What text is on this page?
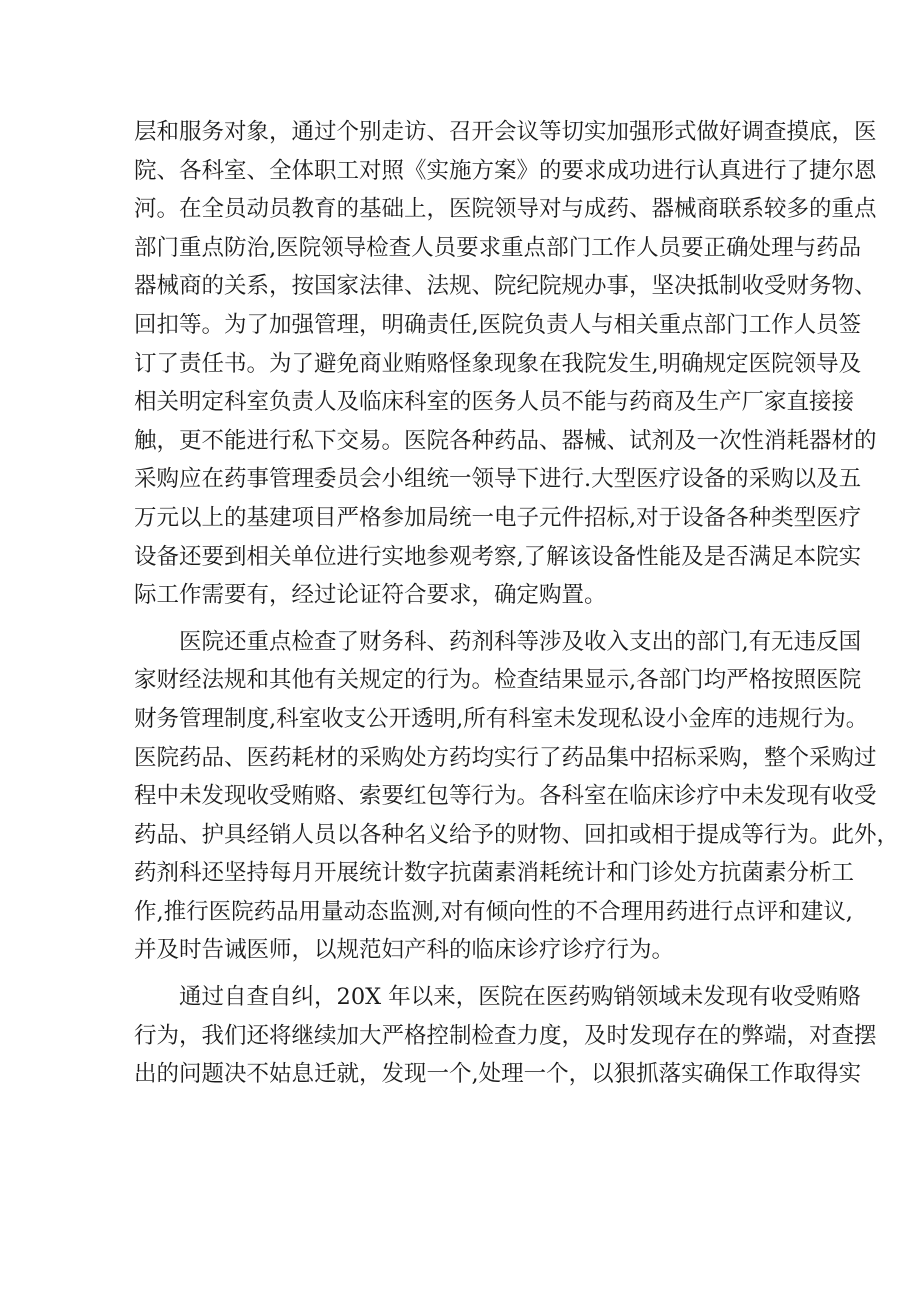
层和服务对象，通过个别走访、召开会议等切实加强形式做好调查摸底，医
院、各科室、全体职工对照《实施方案》的要求成功进行认真进行了捷尔恩
河。在全员动员教育的基础上，医院领导对与成药、器械商联系较多的重点
部门重点防治,医院领导检查人员要求重点部门工作人员要正确处理与药品
器械商的关系，按国家法律、法规、院纪院规办事，坚决抵制收受财务物、
回扣等。为了加强管理，明确责任,医院负责人与相关重点部门工作人员签
订了责任书。为了避免商业贿赂怪象现象在我院发生,明确规定医院领导及
相关明定科室负责人及临床科室的医务人员不能与药商及生产厂家直接接
触，更不能进行私下交易。医院各种药品、器械、试剂及一次性消耗器材的
采购应在药事管理委员会小组统一领导下进行.大型医疗设备的采购以及五
万元以上的基建项目严格参加局统一电子元件招标,对于设备各种类型医疗
设备还要到相关单位进行实地参观考察,了解该设备性能及是否满足本院实
际工作需要有，经过论证符合要求，确定购置。
医院还重点检查了财务科、药剂科等涉及收入支出的部门,有无违反国
家财经法规和其他有关规定的行为。检查结果显示,各部门均严格按照医院
财务管理制度,科室收支公开透明,所有科室未发现私设小金库的违规行为。
医院药品、医药耗材的采购处方药均实行了药品集中招标采购，整个采购过
程中未发现收受贿赂、索要红包等行为。各科室在临床诊疗中未发现有收受
药品、护具经销人员以各种名义给予的财物、回扣或相于提成等行为。此外，
药剂科还坚持每月开展统计数字抗菌素消耗统计和门诊处方抗菌素分析工
作,推行医院药品用量动态监测,对有倾向性的不合理用药进行点评和建议,
并及时告诫医师，以规范妇产科的临床诊疗诊疗行为。
通过自查自纠，20X 年以来，医院在医药购销领域未发现有收受贿赂
行为，我们还将继续加大严格控制检查力度，及时发现存在的弊端，对查摆
出的问题决不姑息迁就，发现一个,处理一个，以狠抓落实确保工作取得实
